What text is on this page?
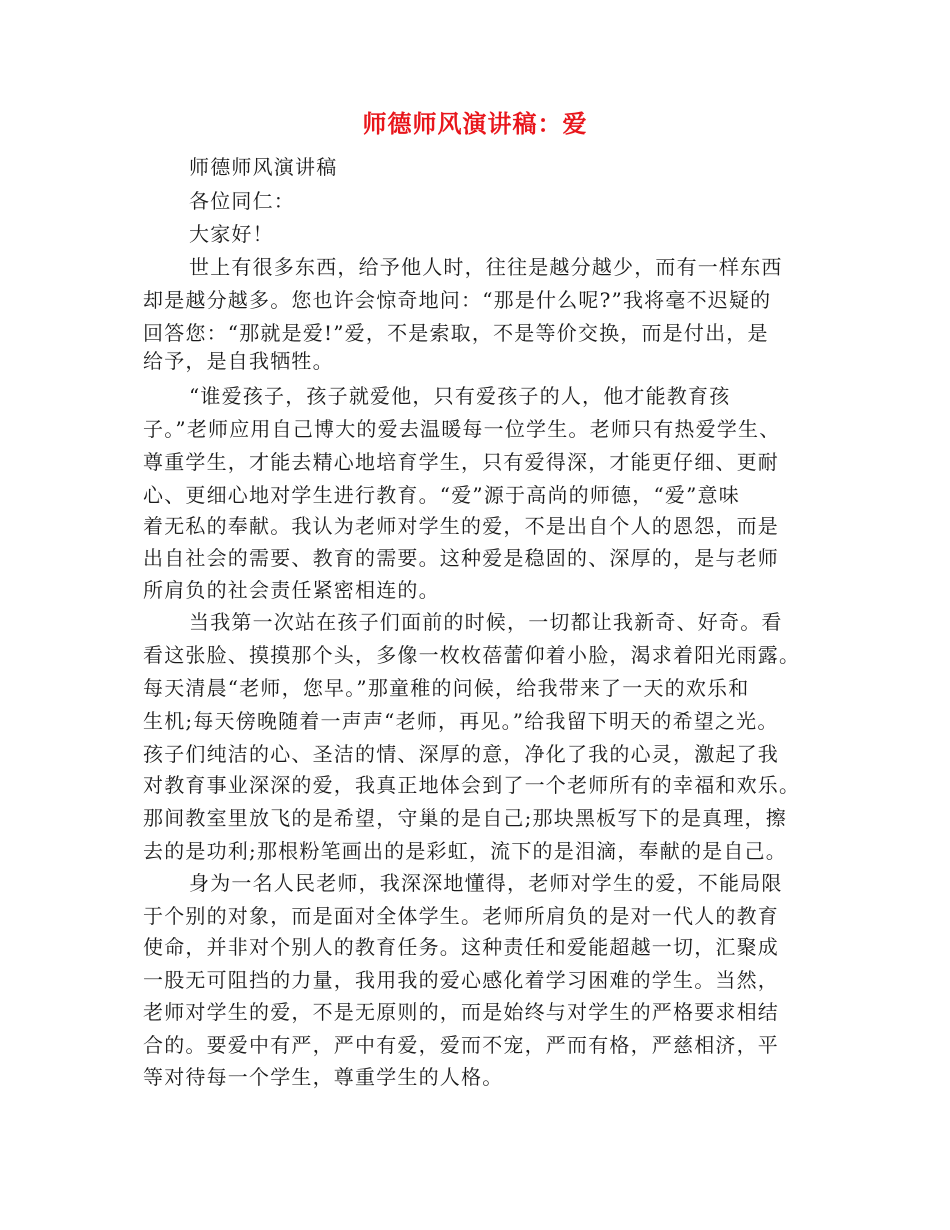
师德师风演讲稿：爱
师德师风演讲稿
各位同仁：
大家好！
世上有很多东西，给予他人时，往往是越分越少，而有一样东西
却是越分越多。您也许会惊奇地问：“那是什么呢?”我将毫不迟疑的
回答您：“那就是爱!”爱，不是索取，不是等价交换，而是付出，是
给予，是自我牺牲。
“谁爱孩子，孩子就爱他，只有爱孩子的人，他才能教育孩
子。”老师应用自己博大的爱去温暖每一位学生。老师只有热爱学生、
尊重学生，才能去精心地培育学生，只有爱得深，才能更仔细、更耐
心、更细心地对学生进行教育。“爱”源于高尚的师德，“爱”意味
着无私的奉献。我认为老师对学生的爱，不是出自个人的恩怨，而是
出自社会的需要、教育的需要。这种爱是稳固的、深厚的，是与老师
所肩负的社会责任紧密相连的。
当我第一次站在孩子们面前的时候，一切都让我新奇、好奇。看
看这张脸、摸摸那个头，多像一枚枚蓓蕾仰着小脸，渴求着阳光雨露。
每天清晨“老师，您早。”那童稚的问候，给我带来了一天的欢乐和
生机;每天傍晚随着一声声“老师，再见。”给我留下明天的希望之光。
孩子们纯洁的心、圣洁的情、深厚的意，净化了我的心灵，激起了我
对教育事业深深的爱，我真正地体会到了一个老师所有的幸福和欢乐。
那间教室里放飞的是希望，守巢的是自己;那块黑板写下的是真理，擦
去的是功利;那根粉笔画出的是彩虹，流下的是泪滴，奉献的是自己。
身为一名人民老师，我深深地懂得，老师对学生的爱，不能局限
于个别的对象，而是面对全体学生。老师所肩负的是对一代人的教育
使命，并非对个别人的教育任务。这种责任和爱能超越一切，汇聚成
一股无可阻挡的力量，我用我的爱心感化着学习困难的学生。当然，
老师对学生的爱，不是无原则的，而是始终与对学生的严格要求相结
合的。要爱中有严，严中有爱，爱而不宠，严而有格，严慈相济，平
等对待每一个学生，尊重学生的人格。
